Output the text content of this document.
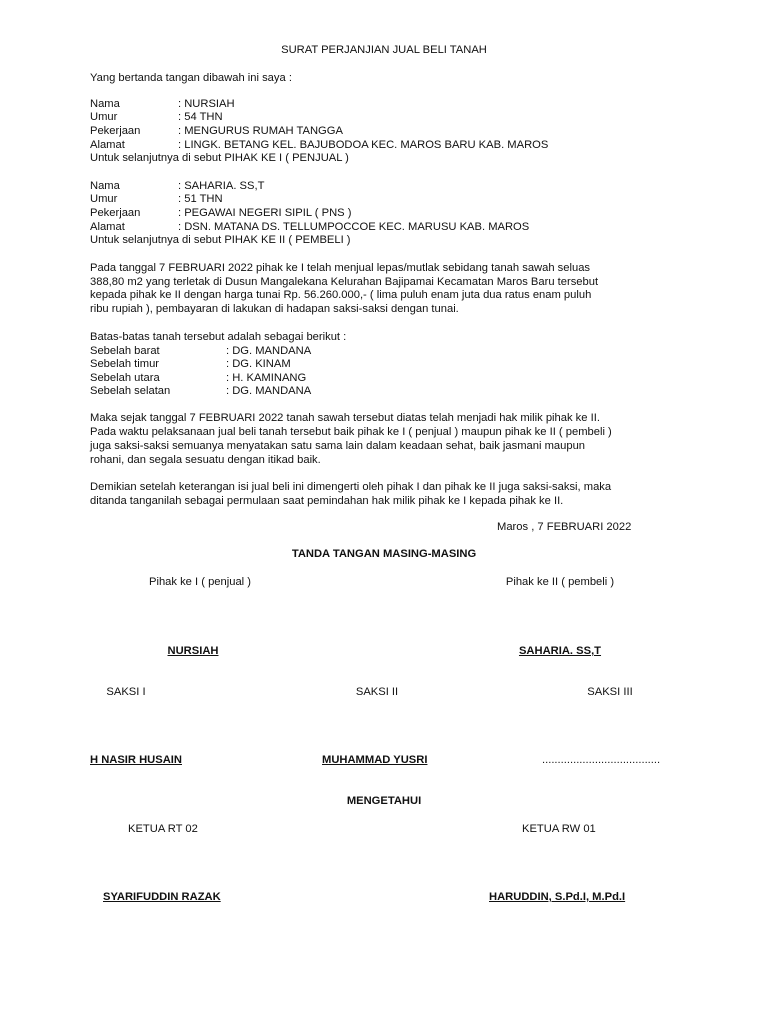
SURAT PERJANJIAN JUAL BELI TANAH
Yang bertanda tangan dibawah ini saya :
Nama	: NURSIAH
Umur	: 54 THN
Pekerjaan	: MENGURUS RUMAH TANGGA
Alamat	: LINGK. BETANG KEL. BAJUBODOA KEC. MAROS BARU KAB. MAROS
Untuk selanjutnya di sebut PIHAK KE I ( PENJUAL )
Nama	: SAHARIA. SS,T
Umur	: 51 THN
Pekerjaan	: PEGAWAI NEGERI SIPIL ( PNS )
Alamat	: DSN. MATANA DS. TELLUMPOCCOE KEC. MARUSU KAB. MAROS
Untuk selanjutnya di sebut PIHAK KE II ( PEMBELI )
Pada tanggal 7 FEBRUARI 2022 pihak ke I telah menjual lepas/mutlak sebidang tanah sawah seluas
388,80 m2 yang terletak di Dusun Mangalekana Kelurahan Bajipamai Kecamatan Maros Baru tersebut
kepada pihak ke II dengan harga tunai Rp. 56.260.000,- ( lima puluh enam juta dua ratus enam puluh
ribu rupiah ), pembayaran di lakukan di hadapan saksi-saksi dengan tunai.
Batas-batas tanah tersebut adalah sebagai berikut :
Sebelah barat	: DG. MANDANA
Sebelah timur	: DG. KINAM
Sebelah utara	: H. KAMINANG
Sebelah selatan	: DG. MANDANA
Maka sejak tanggal 7 FEBRUARI 2022 tanah sawah tersebut diatas telah menjadi hak milik pihak ke II.
Pada waktu pelaksanaan jual beli tanah tersebut baik pihak ke I ( penjual ) maupun pihak ke II ( pembeli )
juga saksi-saksi semuanya menyatakan satu sama lain dalam keadaan sehat, baik jasmani maupun
rohani, dan segala sesuatu dengan itikad baik.
Demikian setelah keterangan isi jual beli ini dimengerti oleh pihak I dan pihak ke II juga saksi-saksi, maka
ditanda tanganilah sebagai permulaan saat pemindahan hak milik pihak ke I kepada pihak ke II.
Maros , 7 FEBRUARI 2022
TANDA TANGAN MASING-MASING
Pihak ke I ( penjual )	Pihak ke II ( pembeli )
NURSIAH	SAHARIA. SS,T
SAKSI I	SAKSI II	SAKSI III
H NASIR HUSAIN	MUHAMMAD YUSRI	......................................
MENGETAHUI
KETUA RT 02	KETUA RW 01
SYARIFUDDIN RAZAK	HARUDDIN, S.Pd.I, M.Pd.I
